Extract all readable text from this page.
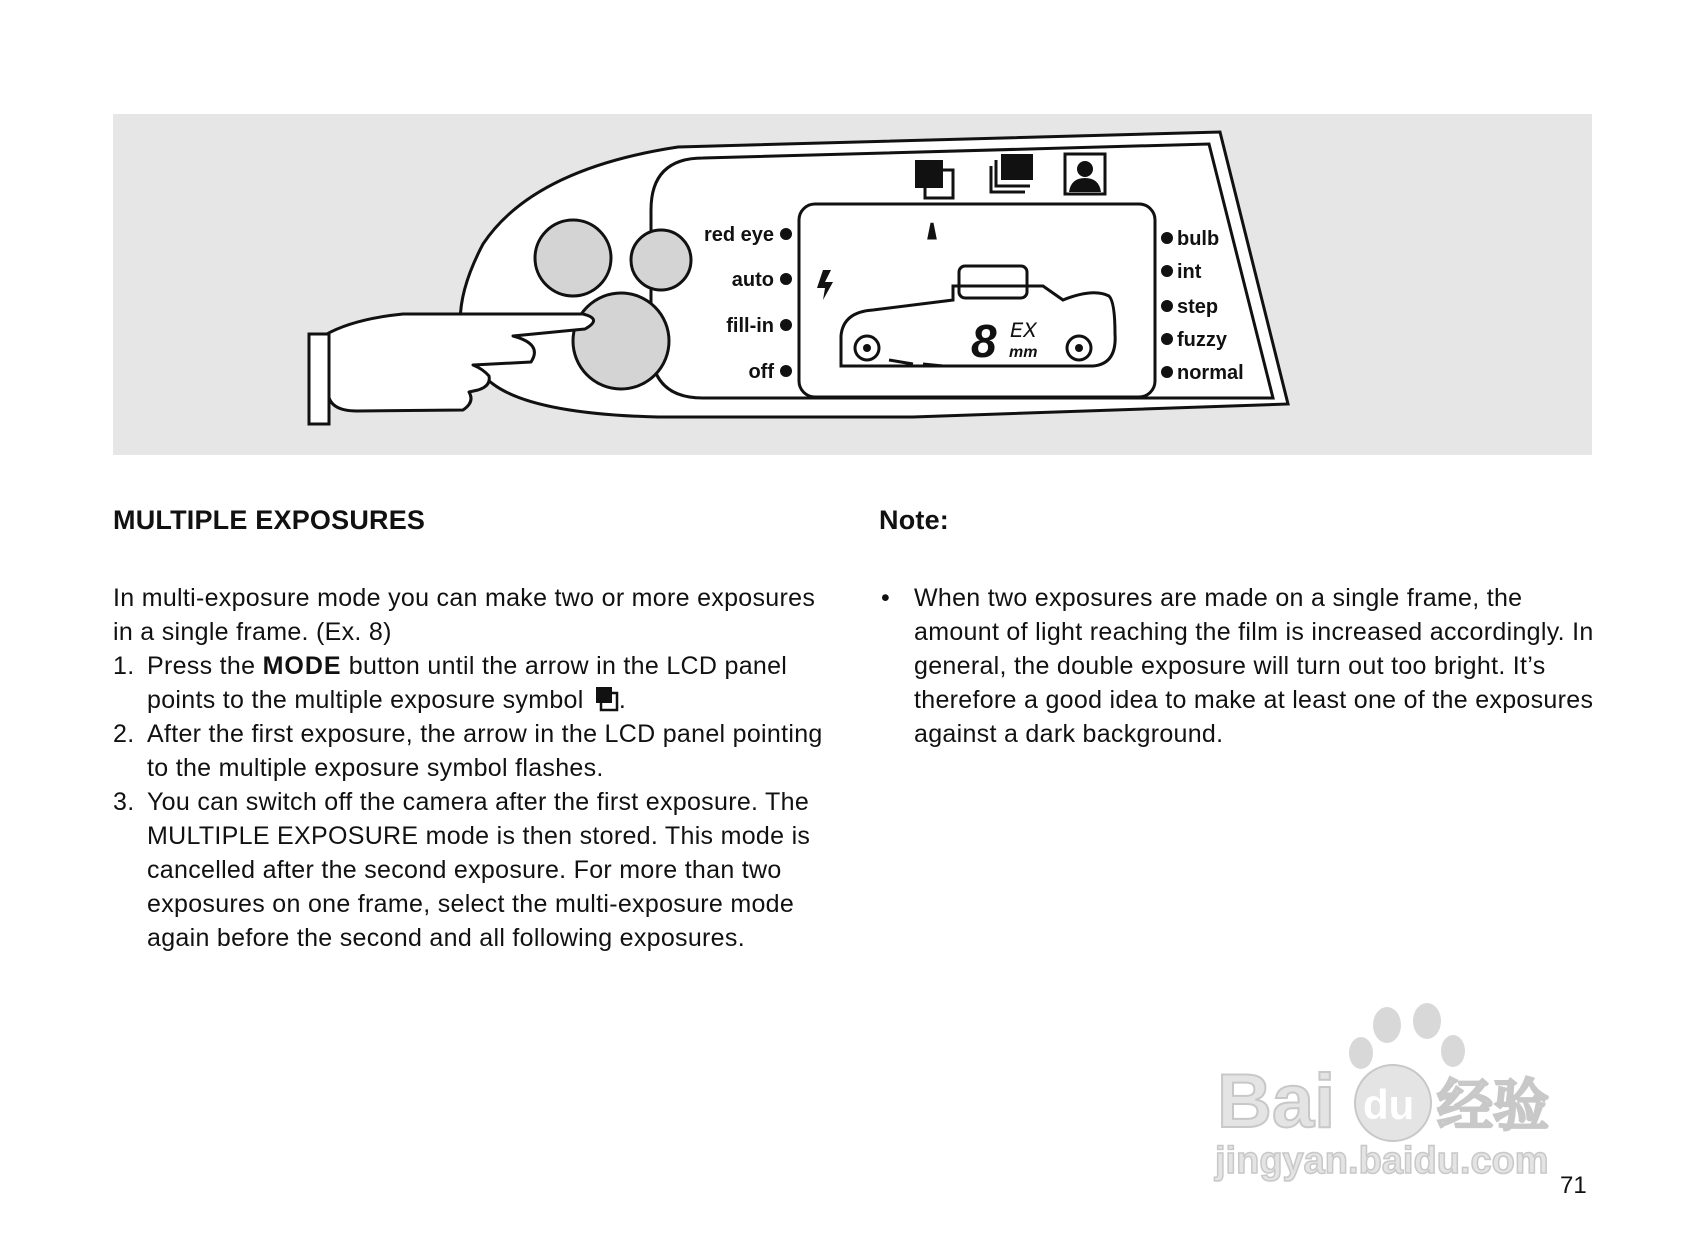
8 EX
mm
red eye
auto
fill-in
off
bulb
int
step
fuzzy
normal
MULTIPLE EXPOSURES

In multi-exposure mode you can make two or more exposures in a single frame. (Ex. 8)

1. Press the MODE button until the arrow in the LCD panel points to the multiple exposure symbol .
2. After the first exposure, the arrow in the LCD panel pointing to the multiple exposure symbol flashes.
3. You can switch off the camera after the first exposure. The MULTIPLE EXPOSURE mode is then stored. This mode is cancelled after the second exposure. For more than two exposures on one frame, select the multi-exposure mode again before the second and all following exposures.
Note:
• When two exposures are made on a single frame, the amount of light reaching the film is increased accordingly. In general, the double exposure will turn out too bright. It’s therefore a good idea to make at least one of the exposures against a dark background.
Bai du 经验
jingyan.baidu.com
71
